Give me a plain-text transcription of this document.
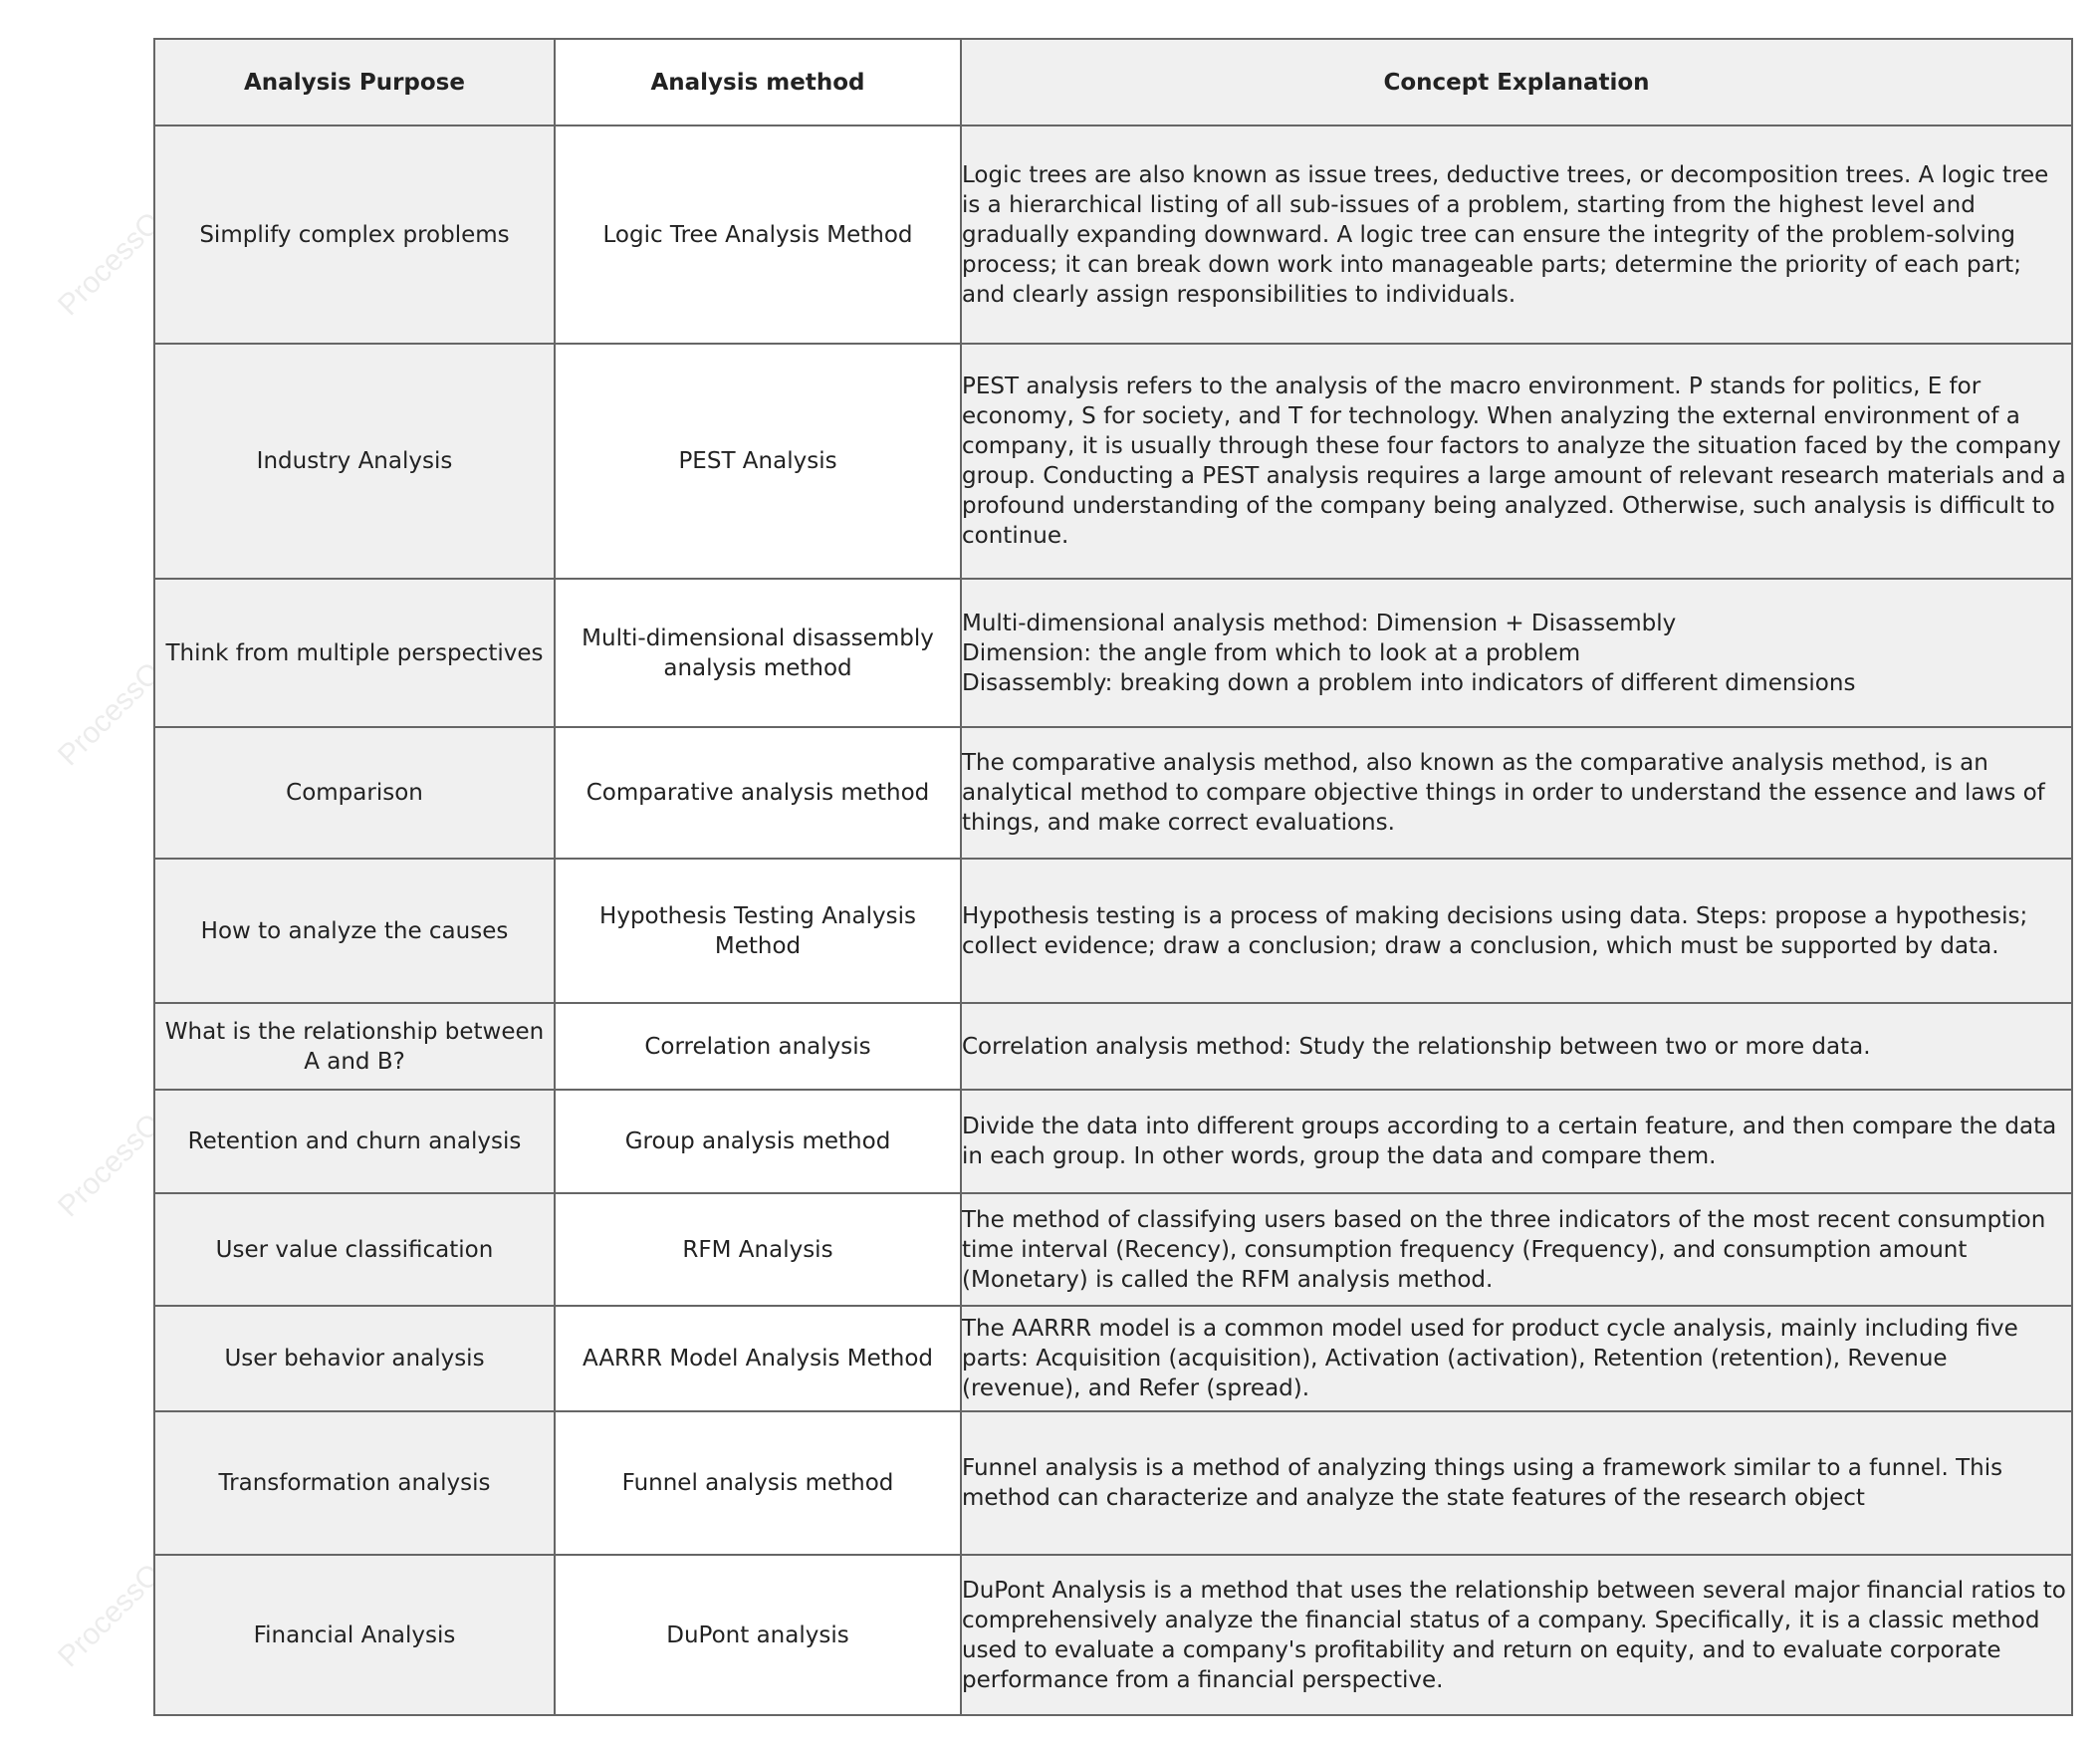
ProcessOn.io
ProcessOn.io
ProcessOn.io
ProcessOn.io
Analysis Purpose	Analysis method	Concept Explanation
Simplify complex problems	Logic Tree Analysis Method	Logic trees are also known as issue trees, deductive trees, or decomposition trees. A logic tree is a hierarchical listing of all sub-issues of a problem, starting from the highest level and gradually expanding downward. A logic tree can ensure the integrity of the problem-solving process; it can break down work into manageable parts; determine the priority of each part; and clearly assign responsibilities to individuals.
Industry Analysis	PEST Analysis	PEST analysis refers to the analysis of the macro environment. P stands for politics, E for economy, S for society, and T for technology. When analyzing the external environment of a company, it is usually through these four factors to analyze the situation faced by the company group. Conducting a PEST analysis requires a large amount of relevant research materials and a profound understanding of the company being analyzed. Otherwise, such analysis is difficult to continue.
Think from multiple perspectives	Multi-dimensional disassembly analysis method	Multi-dimensional analysis method: Dimension + Disassembly
Dimension: the angle from which to look at a problem
Disassembly: breaking down a problem into indicators of different dimensions

Comparison	Comparative analysis method	The comparative analysis method, also known as the comparative analysis method, is an analytical method to compare objective things in order to understand the essence and laws of things, and make correct evaluations.
How to analyze the causes	Hypothesis Testing Analysis Method	Hypothesis testing is a process of making decisions using data. Steps: propose a hypothesis; collect evidence; draw a conclusion; draw a conclusion, which must be supported by data.
What is the relationship between A and B?	Correlation analysis	Correlation analysis method: Study the relationship between two or more data.
Retention and churn analysis	Group analysis method	Divide the data into different groups according to a certain feature, and then compare the data in each group. In other words, group the data and compare them.
User value classification	RFM Analysis	The method of classifying users based on the three indicators of the most recent consumption time interval (Recency), consumption frequency (Frequency), and consumption amount (Monetary) is called the RFM analysis method.
User behavior analysis	AARRR Model Analysis Method	The AARRR model is a common model used for product cycle analysis, mainly including five parts: Acquisition (acquisition), Activation (activation), Retention (retention), Revenue (revenue), and Refer (spread).
Transformation analysis	Funnel analysis method	Funnel analysis is a method of analyzing things using a framework similar to a funnel. This method can characterize and analyze the state features of the research object
Financial Analysis	DuPont analysis	DuPont Analysis is a method that uses the relationship between several major financial ratios to comprehensively analyze the financial status of a company. Specifically, it is a classic method used to evaluate a company's profitability and return on equity, and to evaluate corporate performance from a financial perspective.
